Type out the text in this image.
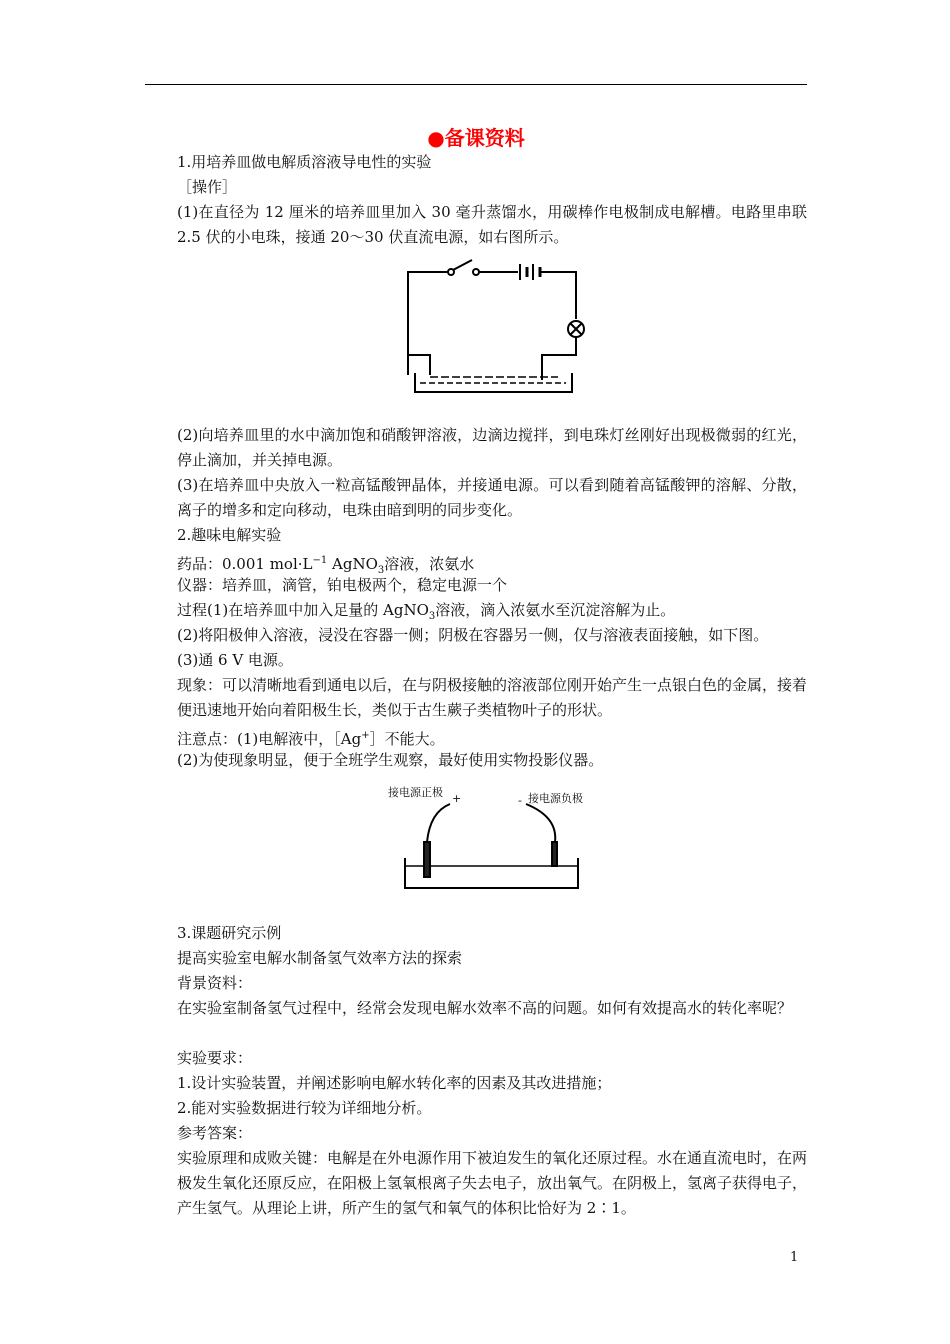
●备课资料

1.用培养皿做电解质溶液导电性的实验

［操作］

(1)在直径为 12 厘米的培养皿里加入 30 毫升蒸馏水，用碳棒作电极制成电解槽。电路里串联 2.5 伏的小电珠，接通 20～30 伏直流电源，如右图所示。

(2)向培养皿里的水中滴加饱和硝酸钾溶液，边滴边搅拌，到电珠灯丝刚好出现极微弱的红光，停止滴加，并关掉电源。

(3)在培养皿中央放入一粒高锰酸钾晶体，并接通电源。可以看到随着高锰酸钾的溶解、分散，离子的增多和定向移动，电珠由暗到明的同步变化。

2.趣味电解实验

药品：0.001 $mol\cdot L^{-1}$ AgNO$_3$溶液，浓氨水

仪器：培养皿，滴管，铂电极两个，稳定电源一个

过程(1)在培养皿中加入足量的 AgNO$_3$溶液，滴入浓氨水至沉淀溶解为止。

(2)将阳极伸入溶液，浸没在容器一侧；阴极在容器另一侧，仅与溶液表面接触，如下图。

(3)通 6 V 电源。

现象：可以清晰地看到通电以后，在与阴极接触的溶液部位刚开始产生一点银白色的金属，接着便迅速地开始向着阳极生长，类似于古生蕨子类植物叶子的形状。

注意点：(1)电解液中，［Ag+］不能大。

(2)为使现象明显，便于全班学生观察，最好使用实物投影仪器。

接电源正极 +	接电源负极
-

3.课题研究示例

提高实验室电解水制备氢气效率方法的探索

背景资料：

在实验室制备氢气过程中，经常会发现电解水效率不高的问题。如何有效提高水的转化率呢？

实验要求：

1.设计实验装置，并阐述影响电解水转化率的因素及其改进措施；

2.能对实验数据进行较为详细地分析。

参考答案：

实验原理和成败关键：电解是在外电源作用下被迫发生的氧化还原过程。水在通直流电时，在两极发生氧化还原反应，在阳极上氢氧根离子失去电子，放出氧气。在阴极上，氢离子获得电子，产生氢气。从理论上讲，所产生的氢气和氧气的体积比恰好为 2∶1。

1
